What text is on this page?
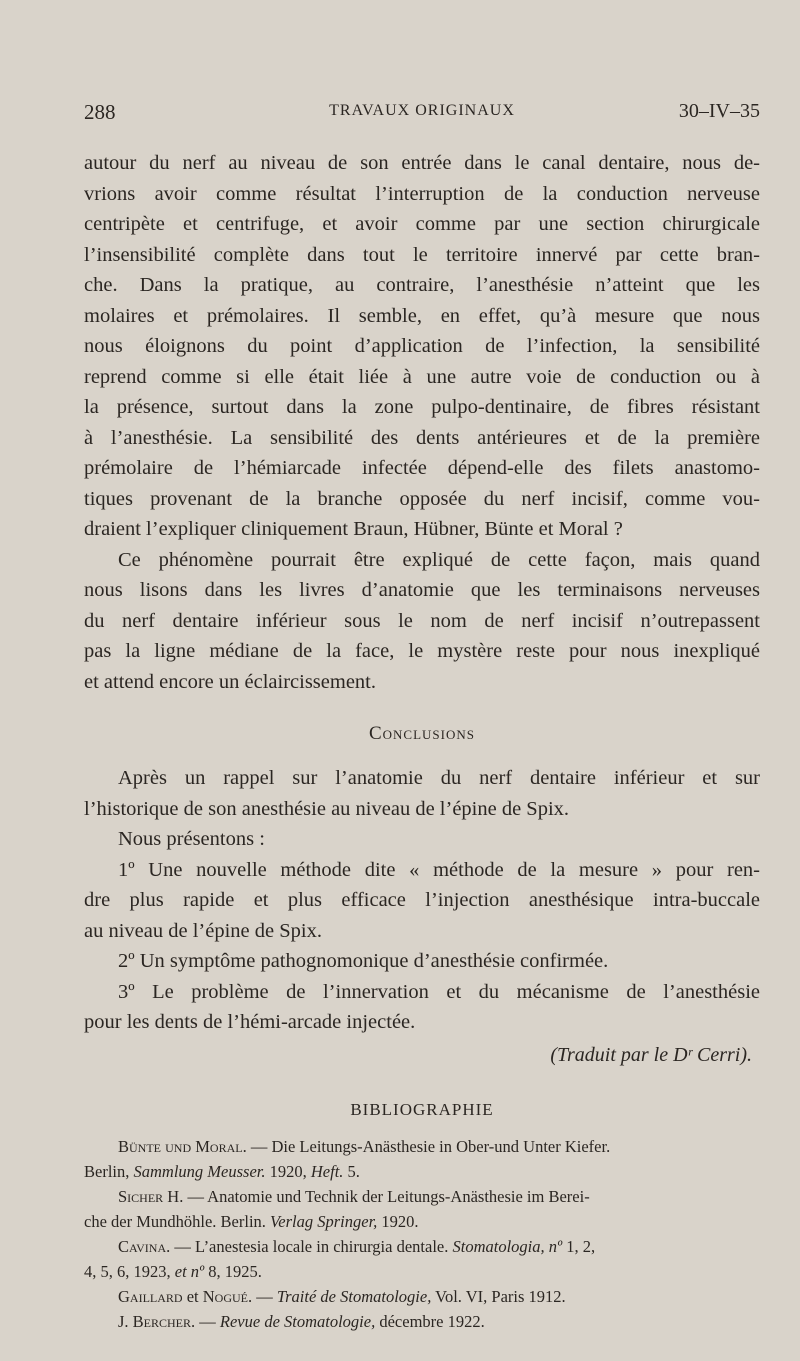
288	TRAVAUX ORIGINAUX	30–IV–35

autour du nerf au niveau de son entrée dans le canal dentaire, nous de-
vrions avoir comme résultat l’interruption de la conduction nerveuse
centripète et centrifuge, et avoir comme par une section chirurgicale
l’insensibilité complète dans tout le territoire innervé par cette bran-
che. Dans la pratique, au contraire, l’anesthésie n’atteint que les
molaires et prémolaires. Il semble, en effet, qu’à mesure que nous
nous éloignons du point d’application de l’infection, la sensibilité
reprend comme si elle était liée à une autre voie de conduction ou à
la présence, surtout dans la zone pulpo-dentinaire, de fibres résistant
à l’anesthésie. La sensibilité des dents antérieures et de la première
prémolaire de l’hémiarcade infectée dépend-elle des filets anastomo-
tiques provenant de la branche opposée du nerf incisif, comme vou-
draient l’expliquer cliniquement Braun, Hübner, Bünte et Moral ?

Ce phénomène pourrait être expliqué de cette façon, mais quand
nous lisons dans les livres d’anatomie que les terminaisons nerveuses
du nerf dentaire inférieur sous le nom de nerf incisif n’outrepassent
pas la ligne médiane de la face, le mystère reste pour nous inexpliqué
et attend encore un éclaircissement.

Conclusions

Après un rappel sur l’anatomie du nerf dentaire inférieur et sur
l’historique de son anesthésie au niveau de l’épine de Spix.

Nous présentons :

1º Une nouvelle méthode dite « méthode de la mesure » pour ren-
dre plus rapide et plus efficace l’injection anesthésique intra-buccale
au niveau de l’épine de Spix.

2º Un symptôme pathognomonique d’anesthésie confirmée.

3º Le problème de l’innervation et du mécanisme de l’anesthésie
pour les dents de l’hémi-arcade injectée.

(Traduit par le Dʳ Cerri).
BIBLIOGRAPHIE
Bünte und Moral. — Die Leitungs-Anästhesie in Ober-und Unter Kiefer.
Berlin, Sammlung Meusser. 1920, Heft. 5.
Sicher H. — Anatomie und Technik der Leitungs-Anästhesie im Berei-
che der Mundhöhle. Berlin. Verlag Springer, 1920.
Cavina. — L’anestesia locale in chirurgia dentale. Stomatologia, nº 1, 2,
4, 5, 6, 1923, et nº 8, 1925.
Gaillard et Nogué. — Traité de Stomatologie, Vol. VI, Paris 1912.
J. Bercher. — Revue de Stomatologie, décembre 1922.
